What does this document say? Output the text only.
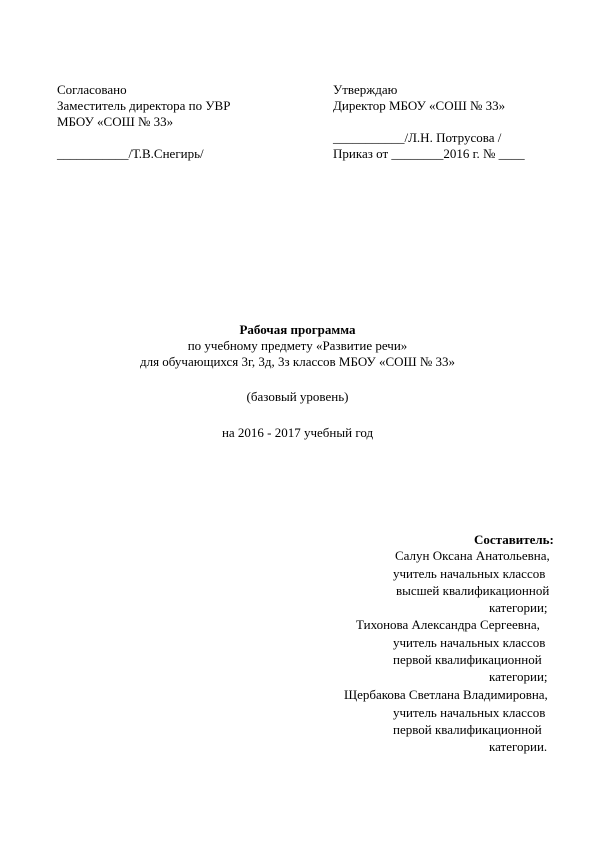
Согласовано
Заместитель директора по УВР
МБОУ «СОШ № 33»
___________/Т.В.Снегирь/
Утверждаю
Директор МБОУ «СОШ № 33»
___________/Л.Н. Потрусова /
Приказ от ________2016 г. № ____
Рабочая программа
по учебному предмету «Развитие речи»
для обучающихся 3г, 3д, 3з классов МБОУ «СОШ № 33»
(базовый уровень)
на 2016 - 2017 учебный год
Составитель:
Салун Оксана Анатольевна,
учитель начальных классов
высшей квалификационной
категории;
Тихонова Александра Сергеевна,
учитель начальных классов
первой квалификационной
категории;
Щербакова Светлана Владимировна,
учитель начальных классов
первой квалификационной
категории.
